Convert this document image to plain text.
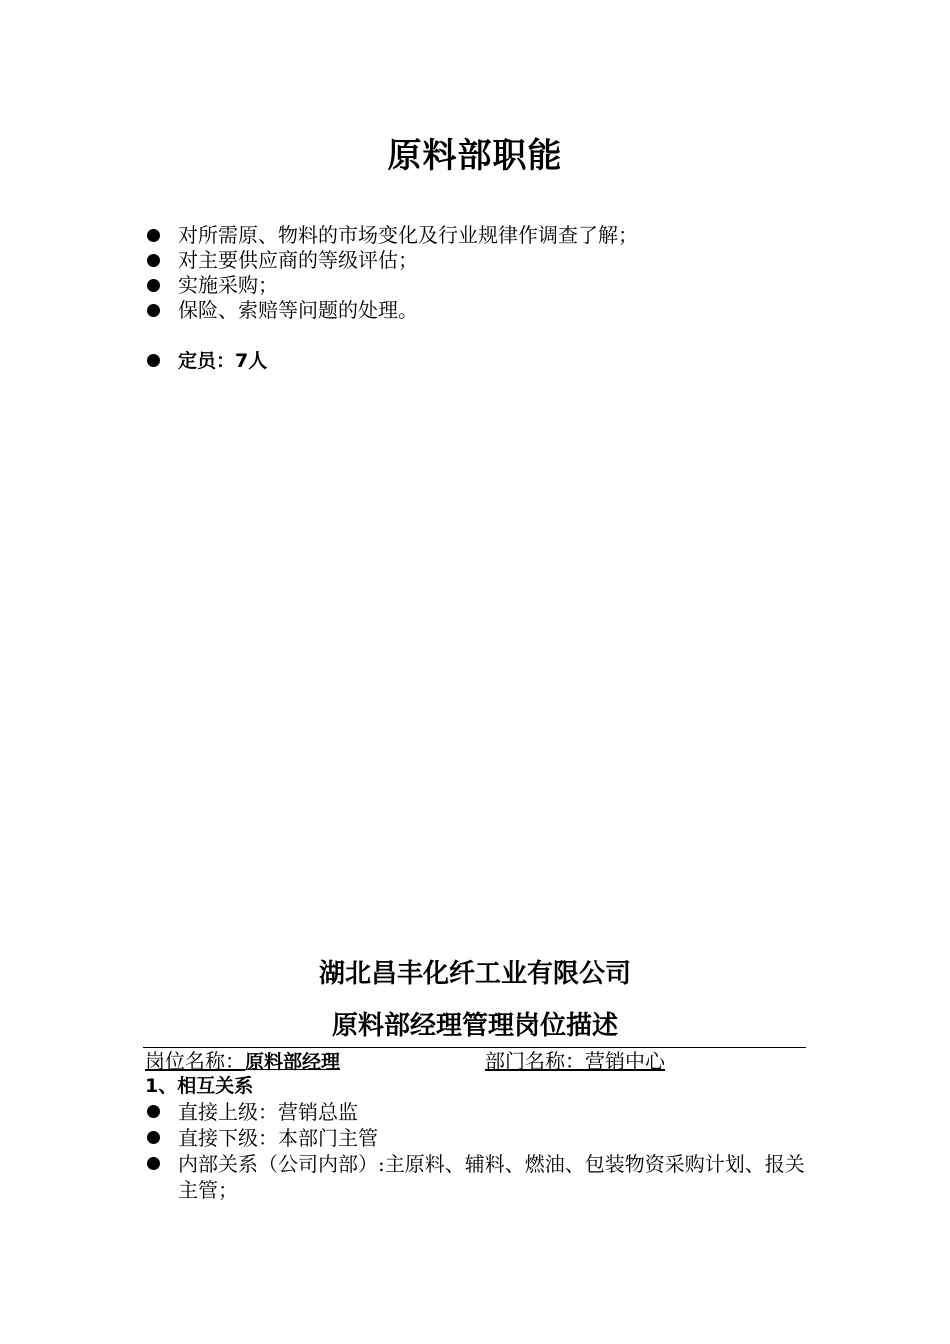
原料部职能
对所需原、物料的市场变化及行业规律作调查了解；
对主要供应商的等级评估；
实施采购；
保险、索赔等问题的处理。
定员：7人
湖北昌丰化纤工业有限公司
原料部经理管理岗位描述
岗位名称：原料部经理	部门名称：营销中心
1、相互关系
直接上级：营销总监
直接下级：本部门主管
内部关系（公司内部）:主原料、辅料、燃油、包装物资采购计划、报关主管；
